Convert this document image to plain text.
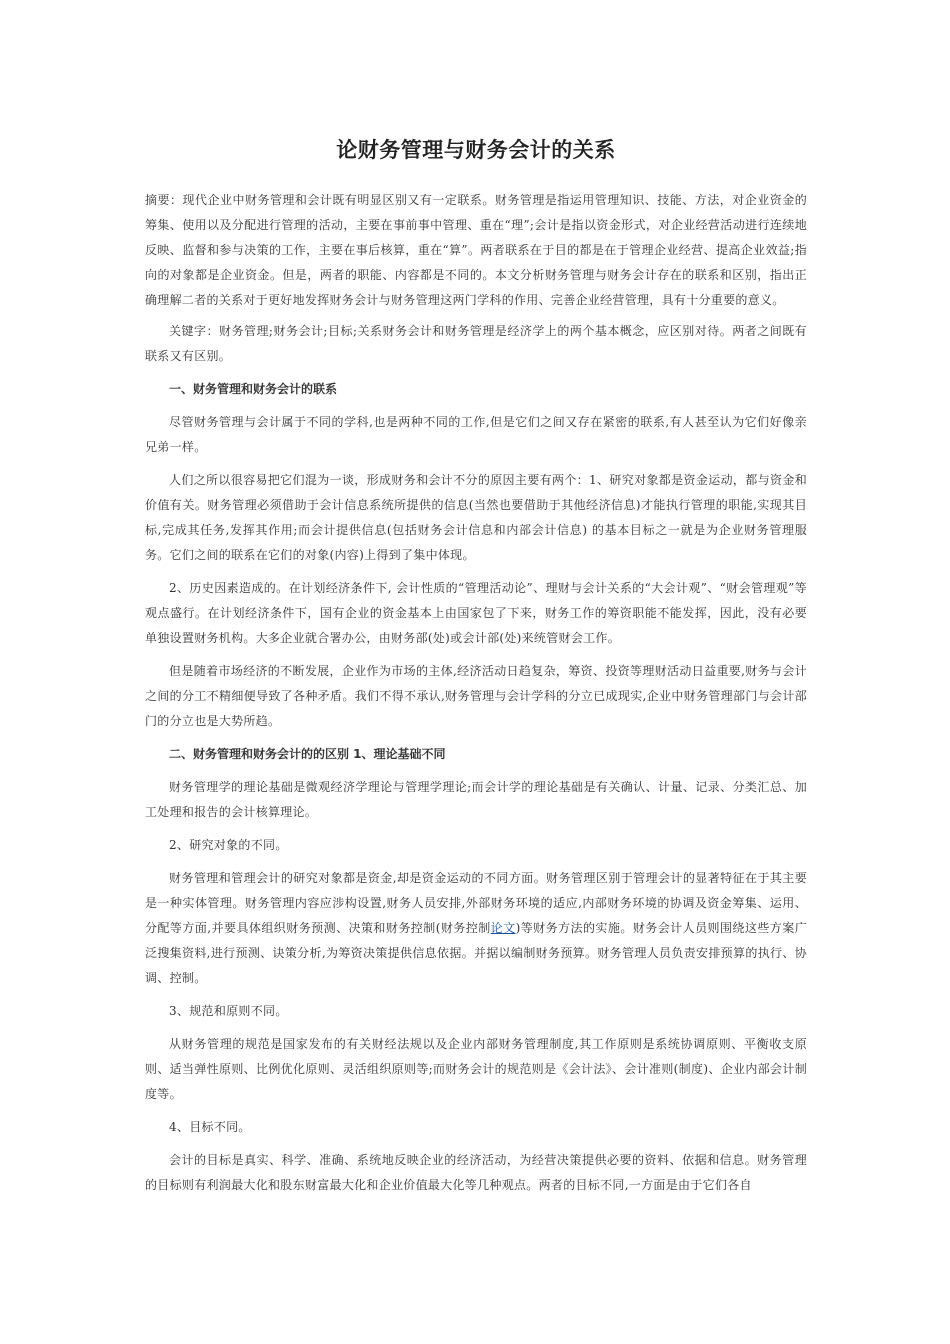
论财务管理与财务会计的关系

摘要：现代企业中财务管理和会计既有明显区别又有一定联系。财务管理是指运用管理知识、技能、方法，对企业资金的筹集、使用以及分配进行管理的活动，主要在事前事中管理、重在“理”;会计是指以资金形式，对企业经营活动进行连续地反映、监督和参与决策的工作，主要在事后核算，重在“算”。两者联系在于目的都是在于管理企业经营、提高企业效益;指向的对象都是企业资金。但是，两者的职能、内容都是不同的。本文分析财务管理与财务会计存在的联系和区别，指出正确理解二者的关系对于更好地发挥财务会计与财务管理这两门学科的作用、完善企业经营管理，具有十分重要的意义。

关键字：财务管理;财务会计;目标;关系财务会计和财务管理是经济学上的两个基本概念，应区别对待。两者之间既有联系又有区别。

一、财务管理和财务会计的联系

尽管财务管理与会计属于不同的学科,也是两种不同的工作,但是它们之间又存在紧密的联系,有人甚至认为它们好像亲兄弟一样。

人们之所以很容易把它们混为一谈，形成财务和会计不分的原因主要有两个：1、研究对象都是资金运动，都与资金和价值有关。财务管理必须借助于会计信息系统所提供的信息(当然也要借助于其他经济信息)才能执行管理的职能,实现其目标,完成其任务,发挥其作用;而会计提供信息(包括财务会计信息和内部会计信息) 的基本目标之一就是为企业财务管理服务。它们之间的联系在它们的对象(内容)上得到了集中体现。

2、历史因素造成的。在计划经济条件下, 会计性质的“管理活动论”、理财与会计关系的“大会计观”、“财会管理观”等观点盛行。在计划经济条件下，国有企业的资金基本上由国家包了下来，财务工作的筹资职能不能发挥，因此，没有必要单独设置财务机构。大多企业就合署办公，由财务部(处)或会计部(处)来统管财会工作。

但是随着市场经济的不断发展，企业作为市场的主体,经济活动日趋复杂，筹资、投资等理财活动日益重要,财务与会计之间的分工不精细便导致了各种矛盾。我们不得不承认,财务管理与会计学科的分立已成现实,企业中财务管理部门与会计部门的分立也是大势所趋。

二、财务管理和财务会计的的区别 1、理论基础不同

财务管理学的理论基础是微观经济学理论与管理学理论;而会计学的理论基础是有关确认、计量、记录、分类汇总、加工处理和报告的会计核算理论。

2、研究对象的不同。

财务管理和管理会计的研究对象都是资金,却是资金运动的不同方面。财务管理区别于管理会计的显著特征在于其主要是一种实体管理。财务管理内容应涉构设置,财务人员安排,外部财务环境的适应,内部财务环境的协调及资金筹集、运用、分配等方面,并要具体组织财务预测、决策和财务控制(财务控制论文)等财务方法的实施。财务会计人员则围绕这些方案广泛搜集资料,进行预测、诀策分析,为筹资决策提供信息依据。并据以编制财务预算。财务管理人员负责安排预算的执行、协调、控制。

3、规范和原则不同。

从财务管理的规范是国家发布的有关财经法规以及企业内部财务管理制度,其工作原则是系统协调原则、平衡收支原则、适当弹性原则、比例优化原则、灵活组织原则等;而财务会计的规范则是《会计法》、会计准则(制度)、企业内部会计制度等。

4、目标不同。

会计的目标是真实、科学、准确、系统地反映企业的经济活动，为经营决策提供必要的资料、依据和信息。财务管理的目标则有利润最大化和股东财富最大化和企业价值最大化等几种观点。两者的目标不同,一方面是由于它们各自
